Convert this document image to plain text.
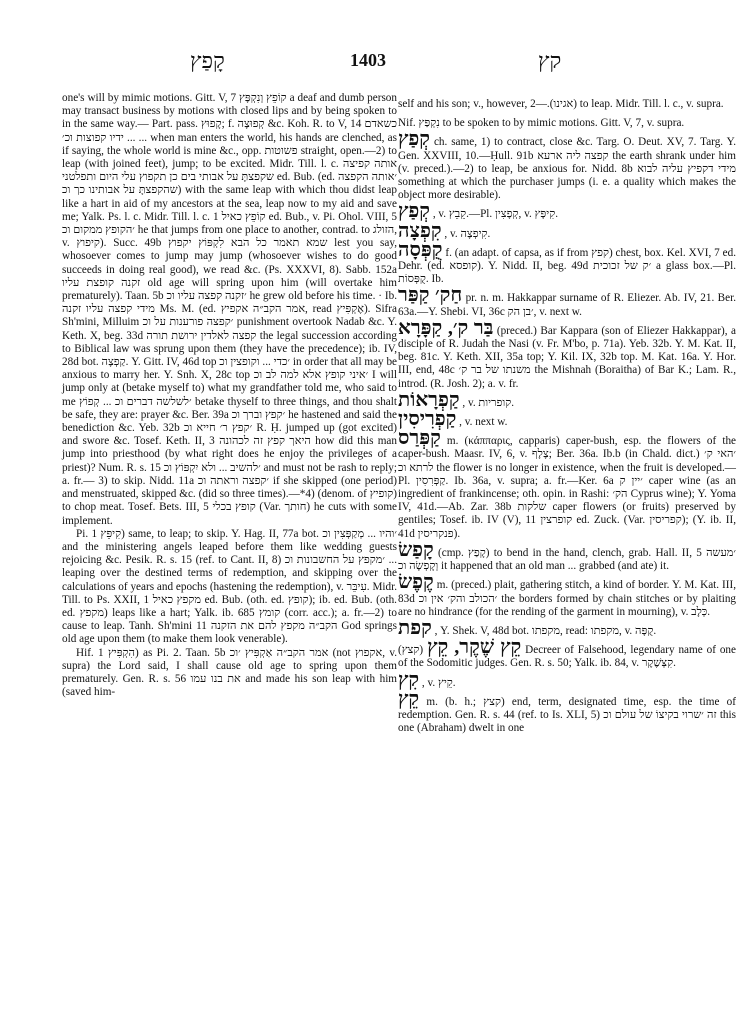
קָפַץ	1403	קץ

one's will by mimic motions. Gitt. V, 7 קוֹפֵץ וְנִקְפָּץ a deaf and dumb person may transact business by motions with closed lips and by being spoken to in the same way.— Part. pass. קָפוּץ; f. קְפוּצָה &c. Koh. R. to V, 14 כשאדם ... ידיו קפוצות וכ׳ ... when man enters the world, his hands are clenched, as if saying, the whole world is mine &c., opp. פשוטות straight, open.—2) to leap (with joined feet), jump; to be excited. Midr. Till. l. c. אותה קפיצה שקפצתָּ על אבותי בים כן תקפוץ עלי היום ותפלטני ed. Bub. (ed. ׳אותה הקפצה שהקפצתָּ על אבותינו כך וכ) with the same leap with which thou didst leap like a hart in aid of my ancestors at the sea, leap now to my aid and save me; Yalk. Ps. l. c. Midr. Till. l. c. 1 קוֹפֵץ כאיל ed. Bub., v. Pi. Ohol. VIII, 5 ׳הקופץ ממקום וכ he that jumps from one place to another, contrad. to הזולג, v. קיפוץ). Succ. 49b שמא תאמר כל הבא לִקְפּוֹץ יקפוץ lest you say, whosoever comes to jump may jump (whosoever wishes to do good succeeds in doing real good), we read &c. (Ps. XXXVI, 8). Sabb. 152a זקנה קופצת עליו old age will spring upon him (will overtake him prematurely). Taan. 5b ׳זקנה קפצה עליו וכ he grew old before his time. · Ib. מידי קפצה עליו זקנה Ms. M. (ed. אמר הקב״ה אקפיץ, read אֶקְפִּיץ). Sifra Sh'mini, Milluim ׳קפצה פורענות על וכ punishment overtook Nadab &c. Y. Keth. X, beg. 33d קפצה לאלדין ירושת תורה the legal succession according to Biblical law was sprung upon them (they have the precedence); ib. IV, 28d bot. קַפְצָה. Y. Gitt. IV, 46d top ׳כדי ... וקופצין וכ in order that all may be anxious to marry her. Y. Snh. X, 28c top ׳איני קופץ אלא למה לב וכ I will jump only at (betake myself to) what my grandfather told me, who said to me ׳לשלשה דברים וכ ... קְפוֹץ betake thyself to three things, and thou shalt be safe, they are: prayer &c. Ber. 39a ׳קפץ וברך וכ he hastened and said the benediction &c. Yeb. 32b ׳קפץ ר׳ חייא וכ R. Ḥ. jumped up (got excited) and swore &c. Tosef. Keth. II, 3 היאך קפץ זה לכהונה how did this man jump into priesthood (by what right does he enjoy the privileges of a priest)? Num. R. s. 15 ׳להשיב ... ולא יִקְפּוֹץ וכ and must not be rash to reply; a. fr.— 3) to skip. Nidd. 11a ׳קפצה וראתה וכ if she skipped (one period) and menstruated, skipped &c. (did so three times).—*4) (denom. of קופיץ) to chop meat. Tosef. Bets. III, 5 קופץ בכלי (Var. חותך) he cuts with some implement.

Pi. קִיפֵּץ 1) same, to leap; to skip. Y. Hag. II, 77a bot. ׳והיו ... מְקַפְּצִין וכ and the ministering angels leaped before them like wedding guests rejoicing &c. Pesik. R. s. 15 (ref. to Cant. II, 8) ׳מקפץ על החשבונות וכ ... leaping over the destined terms of redemption, and skipping over the calculations of years and epochs (hastening the redemption), v. עִיבֵּר. Midr. Till. to Ps. XXII, 1 מקפץ כאיל ed. Bub. (oth. ed. קופץ); ib. ed. Bub. (oth. ed. מקפץ) leaps like a hart; Yalk. ib. 685 קומץ (corr. acc.); a. fr.—2) to cause to leap. Tanh. Sh'mini 11 הקב״ה מקפץ להם את הזקנה God springs old age upon them (to make them look venerable).

Hif. הִקְפִּיץ 1) as Pi. 2. Taan. 5b אמר הקב״ה אַקְפִּיץ ׳וכ (not אקפוץ, v. supra) the Lord said, I shall cause old age to spring upon them prematurely. Gen. R. s. 56 את בנו עמו and made his son leap with him (saved him-

self and his son; v., however, אגינו).—2) to leap. Midr. Till. l. c., v. supra.

Nif. נִקְפַּץ to be spoken to by mimic motions. Gitt. V, 7, v. supra.

קְפַץ ch. same, 1) to contract, close &c. Targ. O. Deut. XV, 7. Targ. Y. Gen. XXVIII, 10.—Ḥull. 91b קפצה ליה ארעא the earth shrank under him (v. preced.).—2) to leap, be anxious for. Nidd. 8b מידי דקפיץ עליה לבוא something at which the purchaser jumps (i. e. a quality which makes the object more desirable).

קְפַץ , v. קֵבֵץ.—Pl. קְפָצִין, v. קִיפָּץ.

קִפְצָה , v. קִיפְצָה.

קֻפְּסָה f. (an adapt. of capsa, as if from קפץ) chest, box. Kel. XVI, 7 ed. Dehr. (ed. קופסא). Y. Nidd. II, beg. 49d ׳ק של זכוכית a glass box.—Pl. קֻפְּסוֹת. Ib.

חַק׳ קַפַּר pr. n. m. Hakkappar surname of R. Eliezer. Ab. IV, 21. Ber. 63a.—Y. Shebi. VI, 36c ׳בן הק, v. next w.

בַּר ק׳, קַפָּרָא (preced.) Bar Kappara (son of Eliezer Hakkappar), a disciple of R. Judah the Nasi (v. Fr. M'bo, p. 71a). Yeb. 32b. Y. M. Kat. II, beg. 81c. Y. Keth. XII, 35a top; Y. Kil. IX, 32b top. M. Kat. 16a. Y. Hor. III, end, 48c משנתו של בר ק׳ the Mishnah (Boraitha) of Bar K.; Lam. R., introd. (R. Josh. 2); a. v. fr.

קַפְרָאוֹת , v. קופריות.

קַפְרִיסִין , v. next w.

קַפְּרַס m. (κάππαρις, capparis) caper-bush, esp. the flowers of the caper-bush. Maasr. IV, 6, v. צָלָף; Ber. 36a. Ib.b (in Chald. dict.) ׳האי ק׳ לרתא וכ the flower is no longer in existence, when the fruit is developed.—Pl. קַפְּרִסִין. Ib. 36a, v. supra; a. fr.—Ker. 6a ׳יין ק caper wine (as an ingredient of frankincense; oth. opin. in Rashi: הק׳ Cyprus wine); Y. Yoma IV, 41d.—Ab. Zar. 38b שלקות caper flowers (or fruits) preserved by gentiles; Tosef. ib. IV (V), 11 קופרצין ed. Zuck. (Var. קפריסין); (Y. ib. II, 41d פנקריסין).

קָפַשׂ (cmp. קָפַץ) to bend in the hand, clench, grab. Hall. II, 5 ׳מעשה וְקָפְשָׂה וכ it happened that an old man ... grabbed (and ate) it.

קֶפֶשׂ m. (preced.) plait, gathering stitch, a kind of border. Y. M. Kat. III, 83d ׳הכולב והק׳ אין וכ the borders formed by chain stitches or by plaiting are no hindrance (for the rending of the garment in mourning), v. כְּלָב.

קפת , Y. Shek. V, 48d bot. מקפתו, read: מקפתו, v. קֻפָּה.

קֵץ שֶׁקֶר, קֵץ (קצץ) Decreer of Falsehood, legendary name of one of the Sodomitic judges. Gen. R. s. 50; Yalk. ib. 84, v. קִצְּשֶׁקֶר.

קִץ , v. קֵיץ.

קֵץ m. (b. h.; קצץ) end, term, designated time, esp. the time of redemption. Gen. R. s. 44 (ref. to Is. XLI, 5) זה ׳שרוי בקיצוֹ של עולם וכ this one (Abraham) dwelt in one
